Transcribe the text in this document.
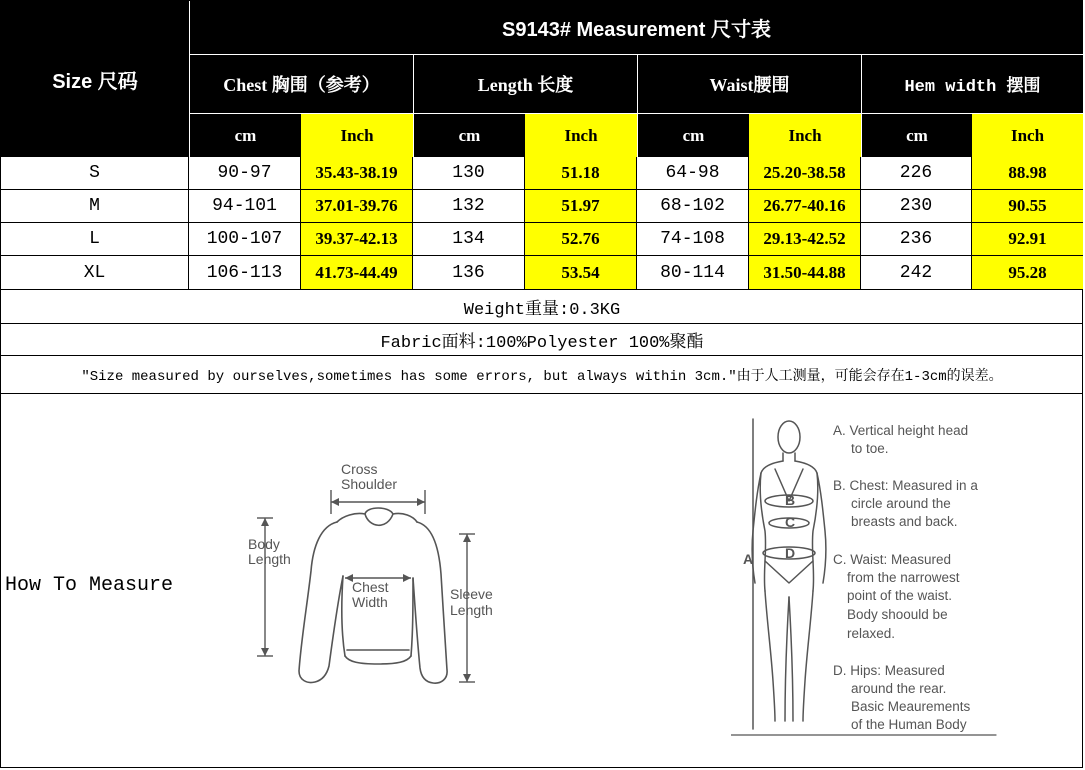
Size 尺码
S9143# Measurement 尺寸表
Chest 胸围（参考）	Length 长度	Waist腰围	Hem width 摆围
cm	Inch	cm	Inch	cm	Inch	cm	Inch
S	90-97	35.43-38.19	130	51.18	64-98	25.20-38.58	226	88.98
M	94-101	37.01-39.76	132	51.97	68-102	26.77-40.16	230	90.55
L	100-107	39.37-42.13	134	52.76	74-108	29.13-42.52	236	92.91
XL	106-113	41.73-44.49	136	53.54	80-114	31.50-44.88	242	95.28
Weight重量:0.3KG
Fabric面料:100%Polyester 100%聚酯
"Size measured by ourselves,sometimes has some errors, but always within 3cm."由于人工测量，可能会存在1-3cm的误差。
How To Measure
Cross
Shoulder
Body
Length
Chest
Width	Sleeve
Length
A
B
C
D
A. Vertical height head
to toe.
B. Chest: Measured in a
circle around the
breasts and back.
C. Waist: Measured
from the narrowest
point of the waist.
Body shoould be
relaxed.
D. Hips: Measured
around the rear.
Basic Meaurements
of the Human Body
